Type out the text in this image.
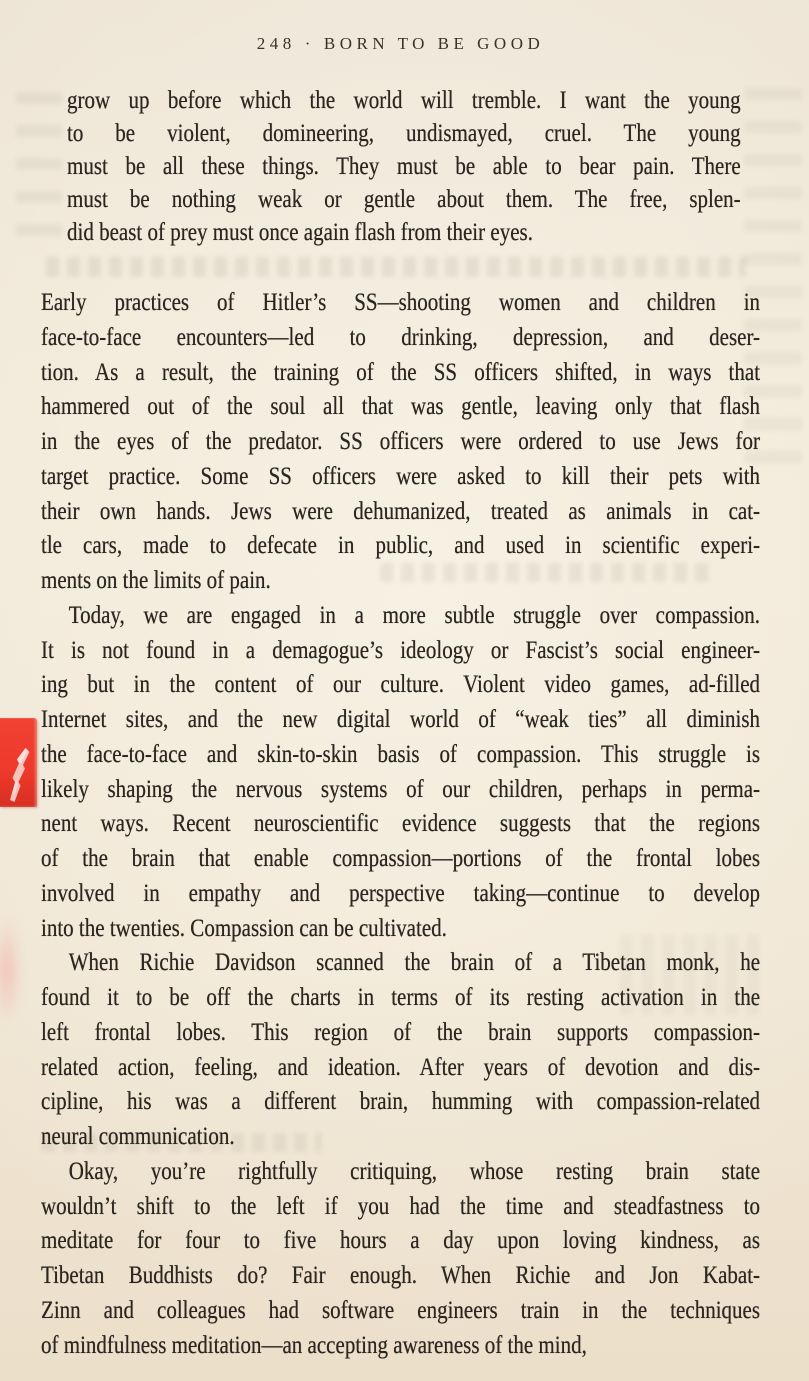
248 · BORN TO BE GOOD
grow up before which the world will tremble. I want the young
to be violent, domineering, undismayed, cruel. The young
must be all these things. They must be able to bear pain. There
must be nothing weak or gentle about them. The free, splen-
did beast of prey must once again flash from their eyes.
Early practices of Hitler’s SS—shooting women and children in
face-to-face encounters—led to drinking, depression, and deser-
tion. As a result, the training of the SS officers shifted, in ways that
hammered out of the soul all that was gentle, leaving only that flash
in the eyes of the predator. SS officers were ordered to use Jews for
target practice. Some SS officers were asked to kill their pets with
their own hands. Jews were dehumanized, treated as animals in cat-
tle cars, made to defecate in public, and used in scientific experi-
ments on the limits of pain.
Today, we are engaged in a more subtle struggle over compassion.
It is not found in a demagogue’s ideology or Fascist’s social engineer-
ing but in the content of our culture. Violent video games, ad-filled
Internet sites, and the new digital world of “weak ties” all diminish
the face-to-face and skin-to-skin basis of compassion. This struggle is
likely shaping the nervous systems of our children, perhaps in perma-
nent ways. Recent neuroscientific evidence suggests that the regions
of the brain that enable compassion—portions of the frontal lobes
involved in empathy and perspective taking—continue to develop
into the twenties. Compassion can be cultivated.
When Richie Davidson scanned the brain of a Tibetan monk, he
found it to be off the charts in terms of its resting activation in the
left frontal lobes. This region of the brain supports compassion-
related action, feeling, and ideation. After years of devotion and dis-
cipline, his was a different brain, humming with compassion-related
neural communication.
Okay, you’re rightfully critiquing, whose resting brain state
wouldn’t shift to the left if you had the time and steadfastness to
meditate for four to five hours a day upon loving kindness, as
Tibetan Buddhists do? Fair enough. When Richie and Jon Kabat-
Zinn and colleagues had software engineers train in the techniques
of mindfulness meditation—an accepting awareness of the mind,
